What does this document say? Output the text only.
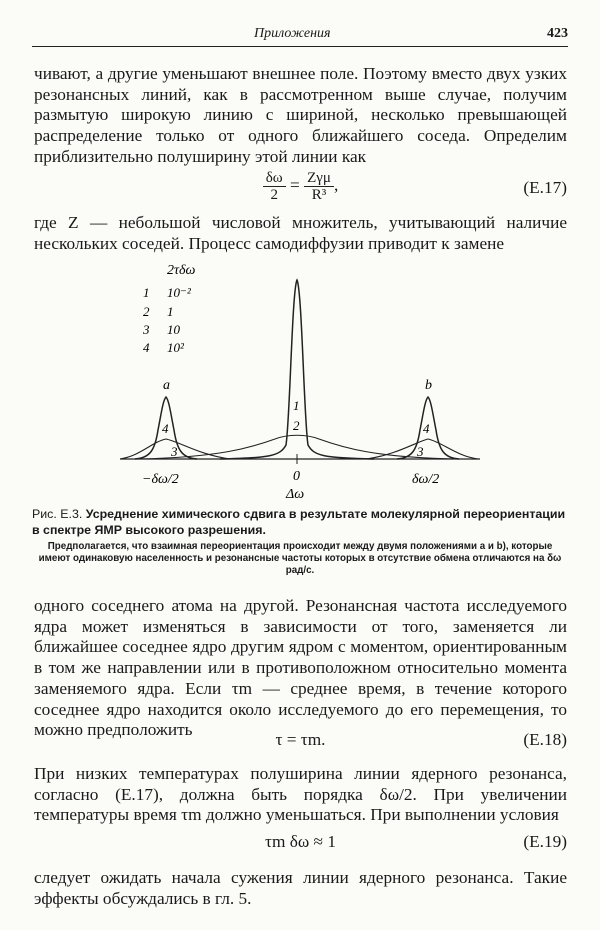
Приложения	423

чивают, а другие уменьшают внешнее поле. Поэтому вместо двух узких резонансных линий, как в рассмотренном выше случае, получим размытую широкую линию с шириной, несколько превышающей распределение только от одного ближайшего соседа. Определим приблизительно полуширину этой линии как

$\frac{\delta\omega}{2} = \frac{\text{Zγμ}}{\text{R³}}$ ,	(E.17)

где Z — небольшой числовой множитель, учитывающий наличие нескольких соседей. Процесс самодиффузии приводит к замене

2τδω
1 10⁻²
2 1
3 10
4 10²
a	b
1
2
4
3
4
3
−δω/2	0	δω/2
Δω

Рис. Е.3. Усреднение химического сдвига в результате молекулярной переориентации в спектре ЯМР высокого разрешения.

Предполагается, что взаимная переориентация происходит между двумя положениями a и b), которые имеют одинаковую населенность и резонансные частоты которых в отсутствие обмена отличаются на δω рад/с.

одного соседнего атома на другой. Резонансная частота исследуемого ядра может изменяться в зависимости от того, заменяется ли ближайшее соседнее ядро другим ядром с моментом, ориентированным в том же направлении или в противоположном относительно момента заменяемого ядра. Если τm — среднее время, в течение которого соседнее ядро находится около исследуемого до его перемещения, то можно предположить

τ = τm.	(E.18)

При низких температурах полуширина линии ядерного резонанса, согласно (E.17), должна быть порядка δω/2. При увеличении температуры время τm должно уменьшаться. При выполнении условия

τm δω ≈ 1	(E.19)

следует ожидать начала сужения линии ядерного резонанса. Такие эффекты обсуждались в гл. 5.
